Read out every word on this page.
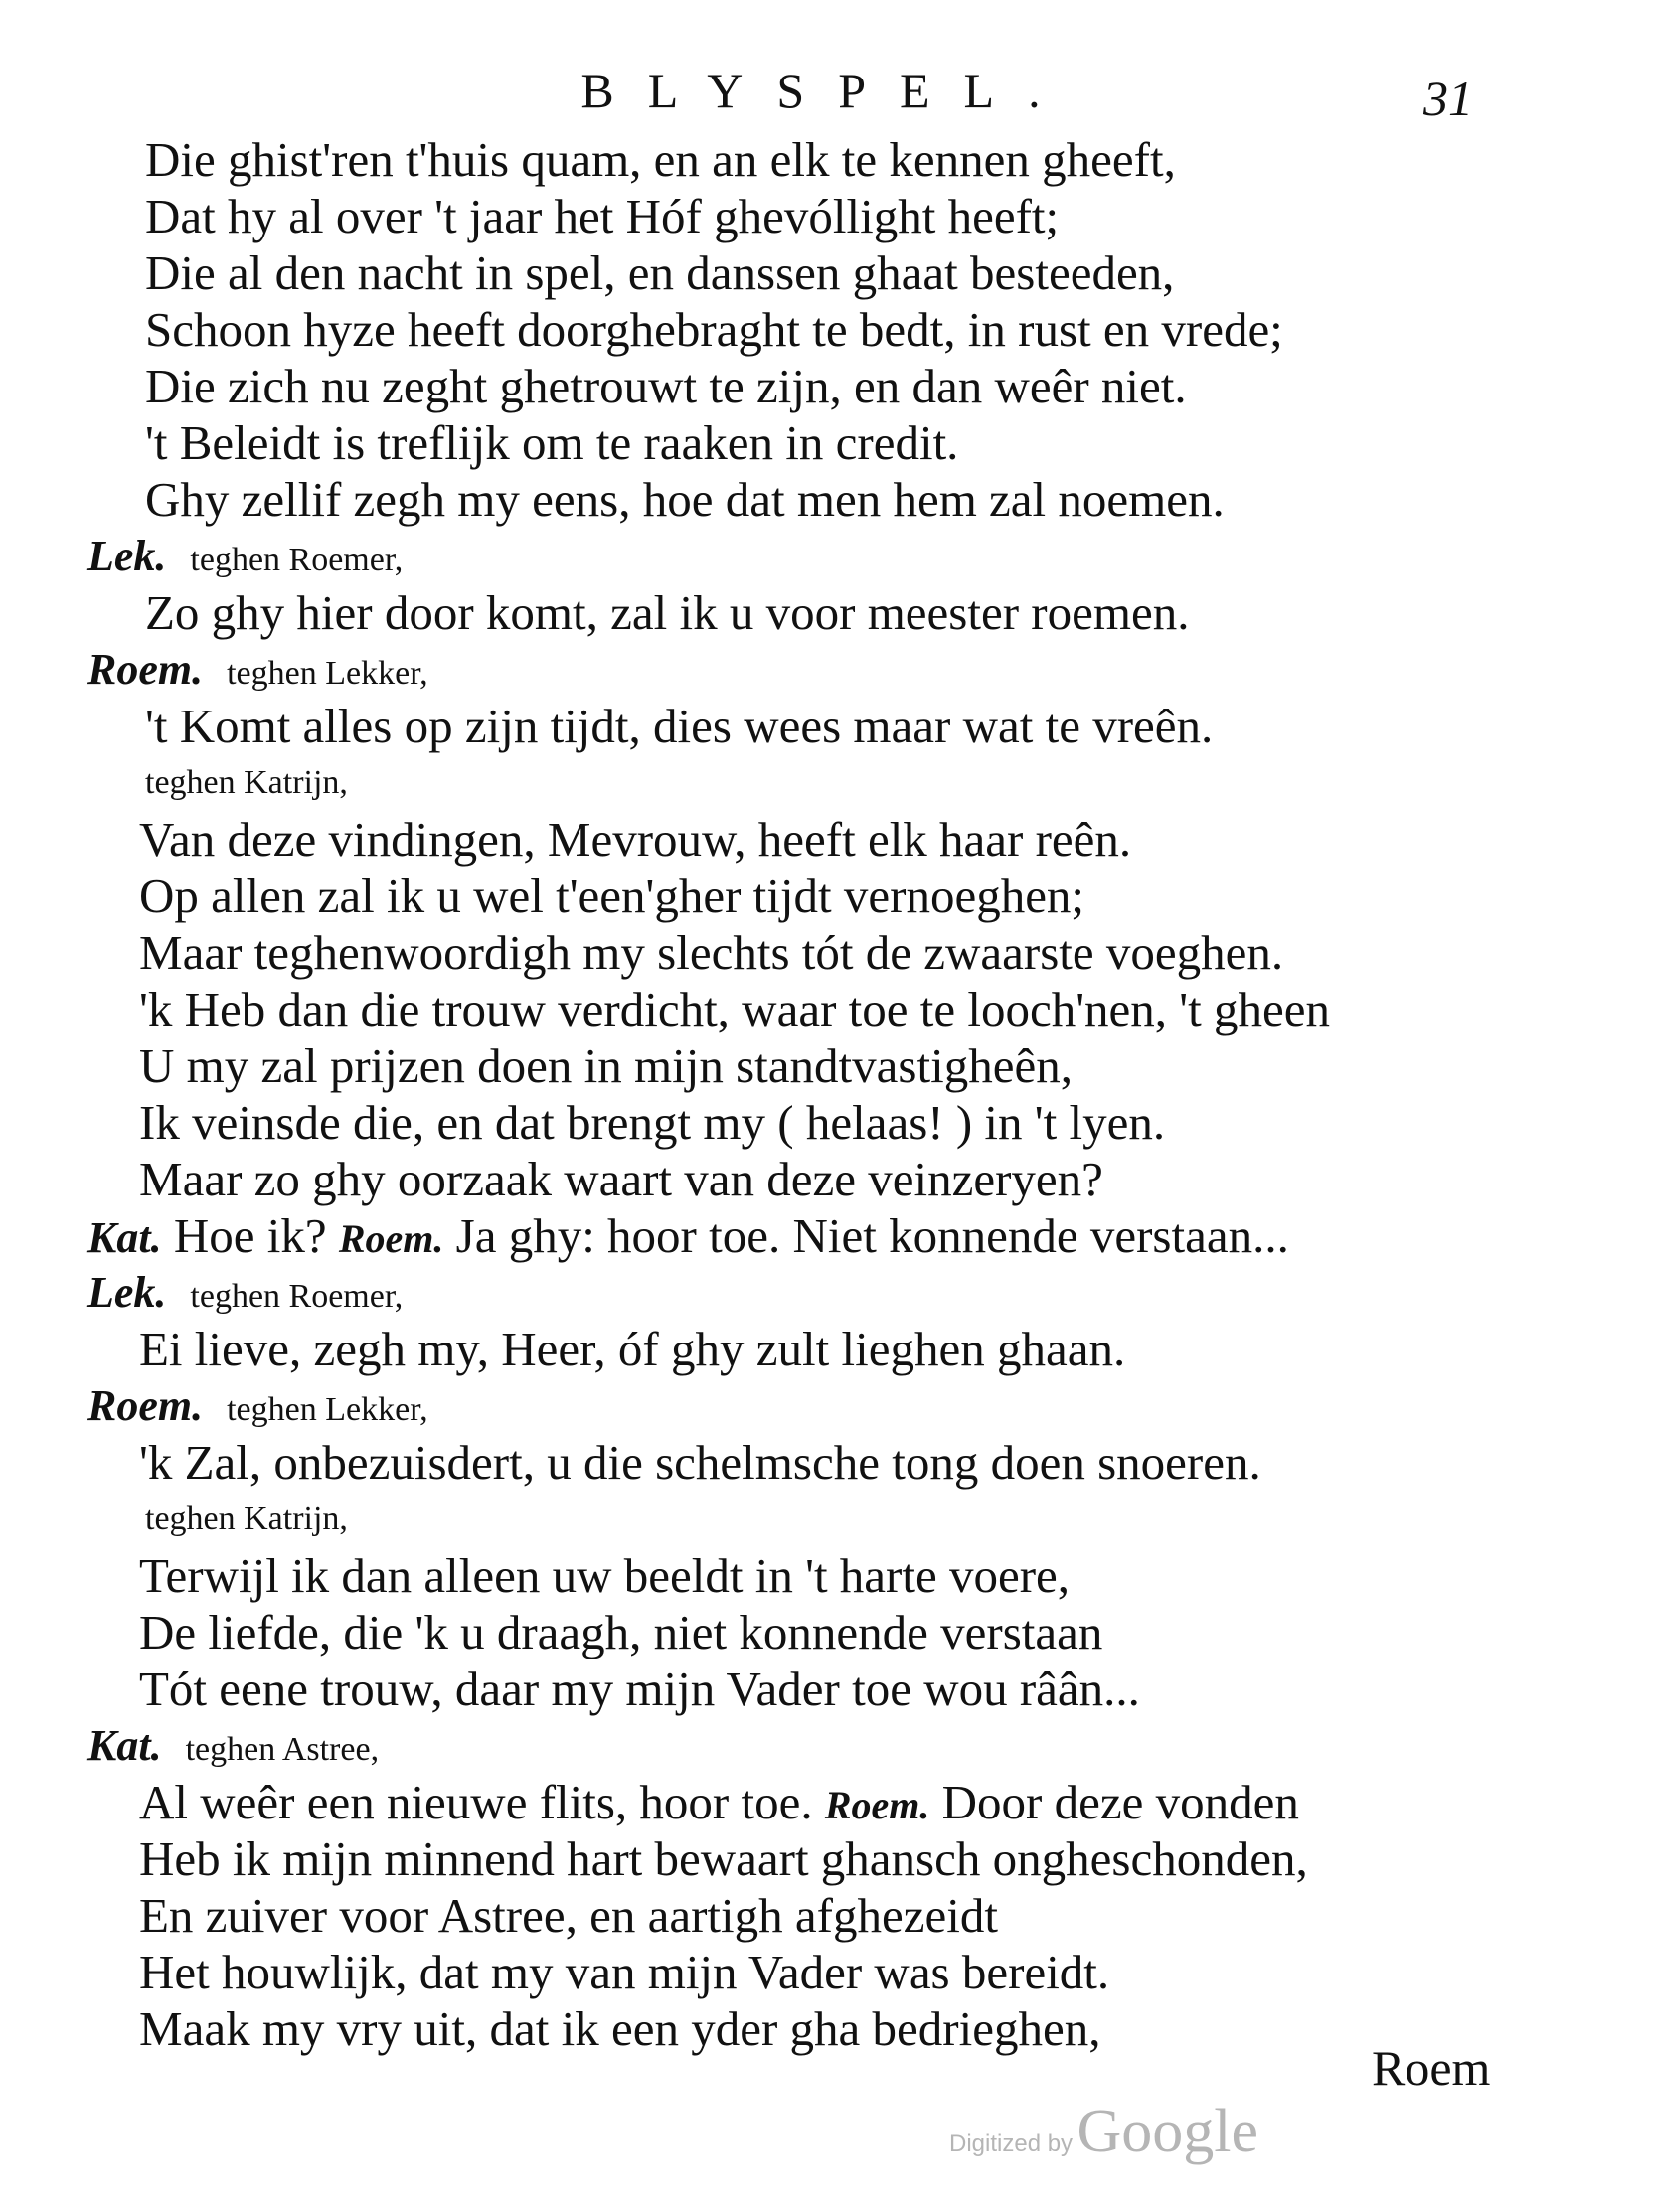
BLYSPEL.	31
Die ghist'ren t'huis quam, en an elk te kennen gheeft,
Dat hy al over 't jaar het Hóf ghevóllight heeft;
Die al den nacht in spel, en danssen ghaat besteeden,
Schoon hyze heeft doorghebraght te bedt, in rust en vrede;
Die zich nu zeght ghetrouwt te zijn, en dan weêr niet.
't Beleidt is treflijk om te raaken in credit.
Ghy zellif zegh my eens, hoe dat men hem zal noemen.
Lek. teghen Roemer,
Zo ghy hier door komt, zal ik u voor meester roemen.
Roem. teghen Lekker,
't Komt alles op zijn tijdt, dies wees maar wat te vreên.
teghen Katrijn,
Van deze vindingen, Mevrouw, heeft elk haar reên.
Op allen zal ik u wel t'een'gher tijdt vernoeghen;
Maar teghenwoordigh my slechts tót de zwaarste voeghen.
'k Heb dan die trouw verdicht, waar toe te looch'nen, 't gheen
U my zal prijzen doen in mijn standtvastigheên,
Ik veinsde die, en dat brengt my ( helaas! ) in 't lyen.
Maar zo ghy oorzaak waart van deze veinzeryen?
Kat. Hoe ik? Roem. Ja ghy: hoor toe. Niet konnende verstaan...
Lek. teghen Roemer,
Ei lieve, zegh my, Heer, óf ghy zult lieghen ghaan.
Roem. teghen Lekker,
'k Zal, onbezuisdert, u die schelmsche tong doen snoeren.
teghen Katrijn,
Terwijl ik dan alleen uw beeldt in 't harte voere,
De liefde, die 'k u draagh, niet konnende verstaan
Tót eene trouw, daar my mijn Vader toe wou râân...
Kat. teghen Astree,
Al weêr een nieuwe flits, hoor toe. Roem. Door deze vonden
Heb ik mijn minnend hart bewaart ghansch ongheschonden,
En zuiver voor Astree, en aartigh afghezeidt
Het houwlijk, dat my van mijn Vader was bereidt.
Maak my vry uit, dat ik een yder gha bedrieghen,
Roem
Digitized by Google
